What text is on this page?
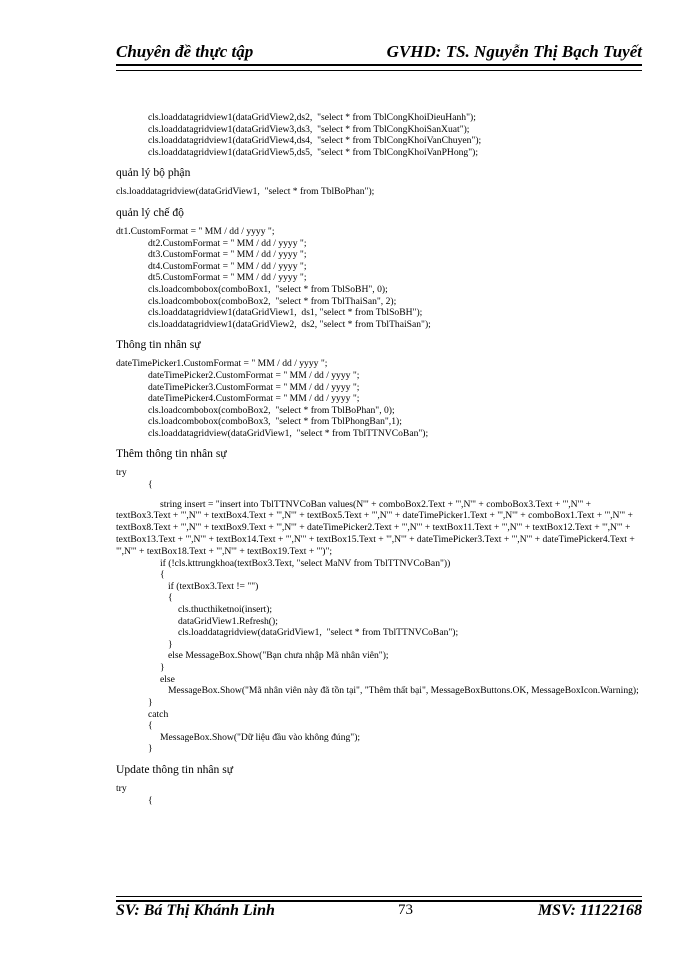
Chuyên đề thực tập	GVHD: TS. Nguyễn Thị Bạch Tuyết
cls.loaddatagridview1(dataGridView2,ds2,  "select * from TblCongKhoiDieuHanh");
cls.loaddatagridview1(dataGridView3,ds3,  "select * from TblCongKhoiSanXuat");
cls.loaddatagridview1(dataGridView4,ds4,  "select * from TblCongKhoiVanChuyen");
cls.loaddatagridview1(dataGridView5,ds5,  "select * from TblCongKhoiVanPHong");
quản lý bộ phận
cls.loaddatagridview(dataGridView1,  "select * from TblBoPhan");
quản lý chế độ
dt1.CustomFormat = " MM / dd / yyyy ";
dt2.CustomFormat = " MM / dd / yyyy ";
dt3.CustomFormat = " MM / dd / yyyy ";
dt4.CustomFormat = " MM / dd / yyyy ";
dt5.CustomFormat = " MM / dd / yyyy ";
cls.loadcombobox(comboBox1,  "select * from TblSoBH", 0);
cls.loadcombobox(comboBox2,  "select * from TblThaiSan", 2);
cls.loaddatagridview1(dataGridView1,  ds1, "select * from TblSoBH");
cls.loaddatagridview1(dataGridView2,  ds2, "select * from TblThaiSan");
Thông tin nhân sự
dateTimePicker1.CustomFormat = " MM / dd / yyyy ";
dateTimePicker2.CustomFormat = " MM / dd / yyyy ";
dateTimePicker3.CustomFormat = " MM / dd / yyyy ";
dateTimePicker4.CustomFormat = " MM / dd / yyyy ";
cls.loadcombobox(comboBox2,  "select * from TblBoPhan", 0);
cls.loadcombobox(comboBox3,  "select * from TblPhongBan",1);
cls.loaddatagridview(dataGridView1,  "select * from TblTTNVCoBan");
Thêm thông tin nhân sự
try
{
string insert = "insert into TblTTNVCoBan values(N'" + comboBox2.Text + "',N'" + comboBox3.Text + "',N'" + textBox3.Text + "',N'" + textBox4.Text + "',N'" + textBox5.Text + "',N'" + dateTimePicker1.Text + "',N'" + comboBox1.Text + "',N'" + textBox8.Text + "',N'" + textBox9.Text + "',N'" + dateTimePicker2.Text + "',N'" + textBox11.Text + "',N'" + textBox12.Text + "',N'" + textBox13.Text + "',N'" + textBox14.Text + "',N'" + textBox15.Text + "',N'" + dateTimePicker3.Text + "',N'" + dateTimePicker4.Text + "',N'" + textBox18.Text + "',N'" + textBox19.Text + "')";
if (!cls.kttrungkhoa(textBox3.Text, "select MaNV from TblTTNVCoBan"))
{
if (textBox3.Text != "")
{
cls.thucthiketnoi(insert);
dataGridView1.Refresh();
cls.loaddatagridview(dataGridView1,  "select * from TblTTNVCoBan");
}
else MessageBox.Show("Bạn chưa nhập Mã nhân viên");
}
else
MessageBox.Show("Mã nhân viên này đã tồn tại", "Thêm thất bại", MessageBoxButtons.OK, MessageBoxIcon.Warning);
}
catch
{
MessageBox.Show("Dữ liệu đầu vào không đúng");
}
Update thông tin nhân sự
try
{
SV: Bá Thị Khánh Linh	73	MSV: 11122168
